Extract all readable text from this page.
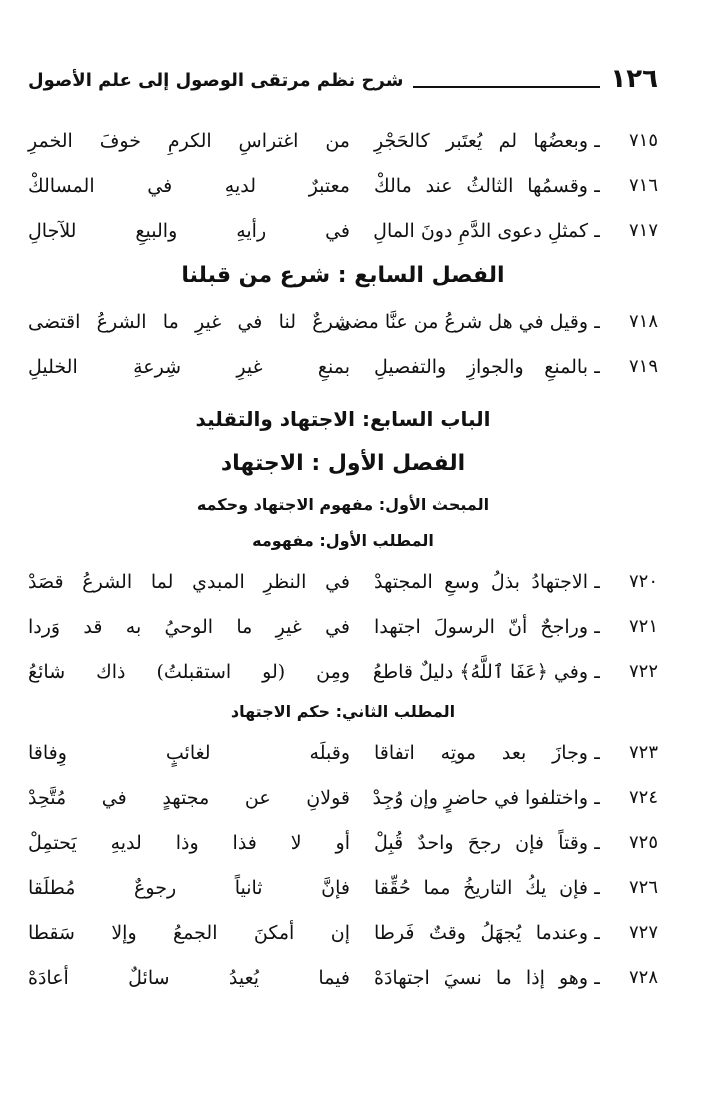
١٢٦
شرح نظم مرتقى الوصول إلى علم الأصول
٧١٥
ـ
وبعضُها لم يُعتَبر كالحَجْرِ
من اغتراسِ الكرمِ خوفَ الخمرِ
٧١٦
ـ
وقسمُها الثالثُ عند مالكْ
معتبرٌ لديهِ في المسالكْ
٧١٧
ـ
كمثلِ دعوى الدَّمِ دونَ المالِ
في رأيهِ والبيعِ للآجالِ
الفصل السابع : شرع من قبلنا
٧١٨
ـ
وقيل في هل شرعُ من عنَّا مضى
شرعٌ لنا في غيرِ ما الشرعُ اقتضى
٧١٩
ـ
بالمنعِ والجوازِ والتفصيلِ
بمنعِ غيرِ شِرعةِ الخليلِ
الباب السابع: الاجتهاد والتقليد
الفصل الأول : الاجتهاد
المبحث الأول: مفهوم الاجتهاد وحكمه
المطلب الأول: مفهومه
٧٢٠
ـ
الاجتهادُ بذلُ وسعِ المجتهدْ
في النظرِ المبدي لما الشرعُ قصَدْ
٧٢١
ـ
وراجحٌ أنّ الرسولَ اجتهدا
في غيرِ ما الوحيُ به قد وَردا
٧٢٢
ـ
وفي ﴿عَفَا ٱللَّهُ﴾ دليلٌ قاطعُ
ومِن (لو استقبلتُ) ذاك شائعُ
المطلب الثاني: حكم الاجتهاد
٧٢٣
ـ
وجازَ بعد موتِه اتفاقا
وقبلَه لغائبٍ وِفاقا
٧٢٤
ـ
واختلفوا في حاضرٍ وإن وُجِدْ
قولانِ عن مجتهدٍ في مُتَّحِدْ
٧٢٥
ـ
وقتاً فإن رجحَ واحدٌ قُبِلْ
أو لا فذا وذا لديهِ يَحتمِلْ
٧٢٦
ـ
فإن يكُ التاريخُ مما حُقِّقا
فإنَّ ثانياً رجوعٌ مُطلَقا
٧٢٧
ـ
وعندما يُجهَلُ وقتٌ فَرطا
إن أمكنَ الجمعُ وإلا سَقطا
٧٢٨
ـ
وهو إذا ما نسيَ اجتهادَهْ
فيما يُعيدُ سائلٌ أعادَهْ
